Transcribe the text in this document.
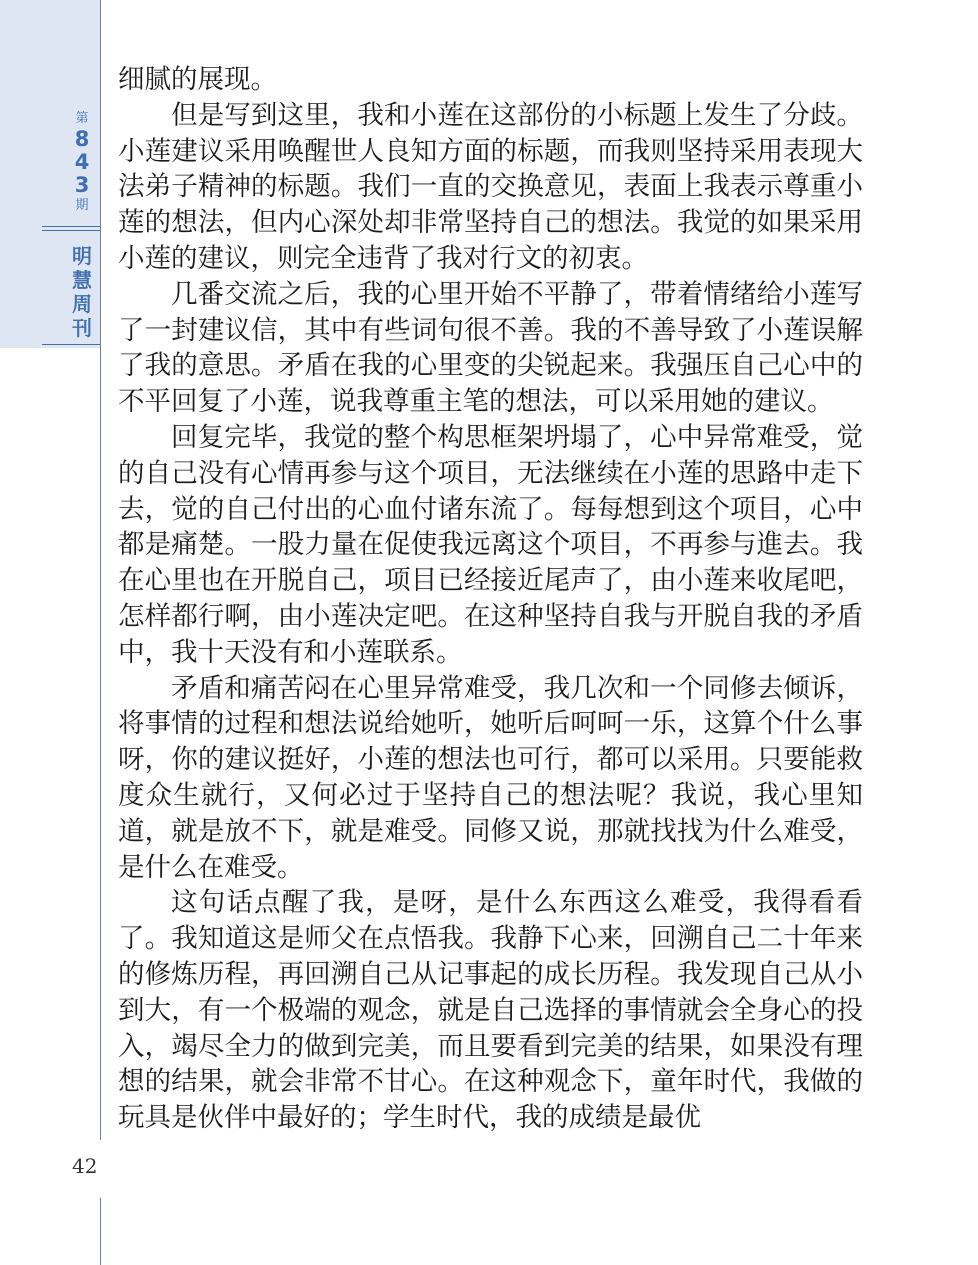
第
8
4
3
期
明
慧
周
刊

细腻的展现。

但是写到这里，我和小莲在这部份的小标题上发生了分歧。小莲建议采用唤醒世人良知方面的标题，而我则坚持采用表现大法弟子精神的标题。我们一直的交换意见，表面上我表示尊重小莲的想法，但内心深处却非常坚持自己的想法。我觉的如果采用小莲的建议，则完全违背了我对行文的初衷。

几番交流之后，我的心里开始不平静了，带着情绪给小莲写了一封建议信，其中有些词句很不善。我的不善导致了小莲误解了我的意思。矛盾在我的心里变的尖锐起来。我强压自己心中的不平回复了小莲，说我尊重主笔的想法，可以采用她的建议。

回复完毕，我觉的整个构思框架坍塌了，心中异常难受，觉的自己没有心情再参与这个项目，无法继续在小莲的思路中走下去，觉的自己付出的心血付诸东流了。每每想到这个项目，心中都是痛楚。一股力量在促使我远离这个项目，不再参与進去。我在心里也在开脱自己，项目已经接近尾声了，由小莲来收尾吧，怎样都行啊，由小莲决定吧。在这种坚持自我与开脱自我的矛盾中，我十天没有和小莲联系。

矛盾和痛苦闷在心里异常难受，我几次和一个同修去倾诉，将事情的过程和想法说给她听，她听后呵呵一乐，这算个什么事呀，你的建议挺好，小莲的想法也可行，都可以采用。只要能救度众生就行，又何必过于坚持自己的想法呢？我说，我心里知道，就是放不下，就是难受。同修又说，那就找找为什么难受，是什么在难受。

这句话点醒了我，是呀，是什么东西这么难受，我得看看了。我知道这是师父在点悟我。我静下心来，回溯自己二十年来的修炼历程，再回溯自己从记事起的成长历程。我发现自己从小到大，有一个极端的观念，就是自己选择的事情就会全身心的投入，竭尽全力的做到完美，而且要看到完美的结果，如果没有理想的结果，就会非常不甘心。在这种观念下，童年时代，我做的玩具是伙伴中最好的；学生时代，我的成绩是最优

42
